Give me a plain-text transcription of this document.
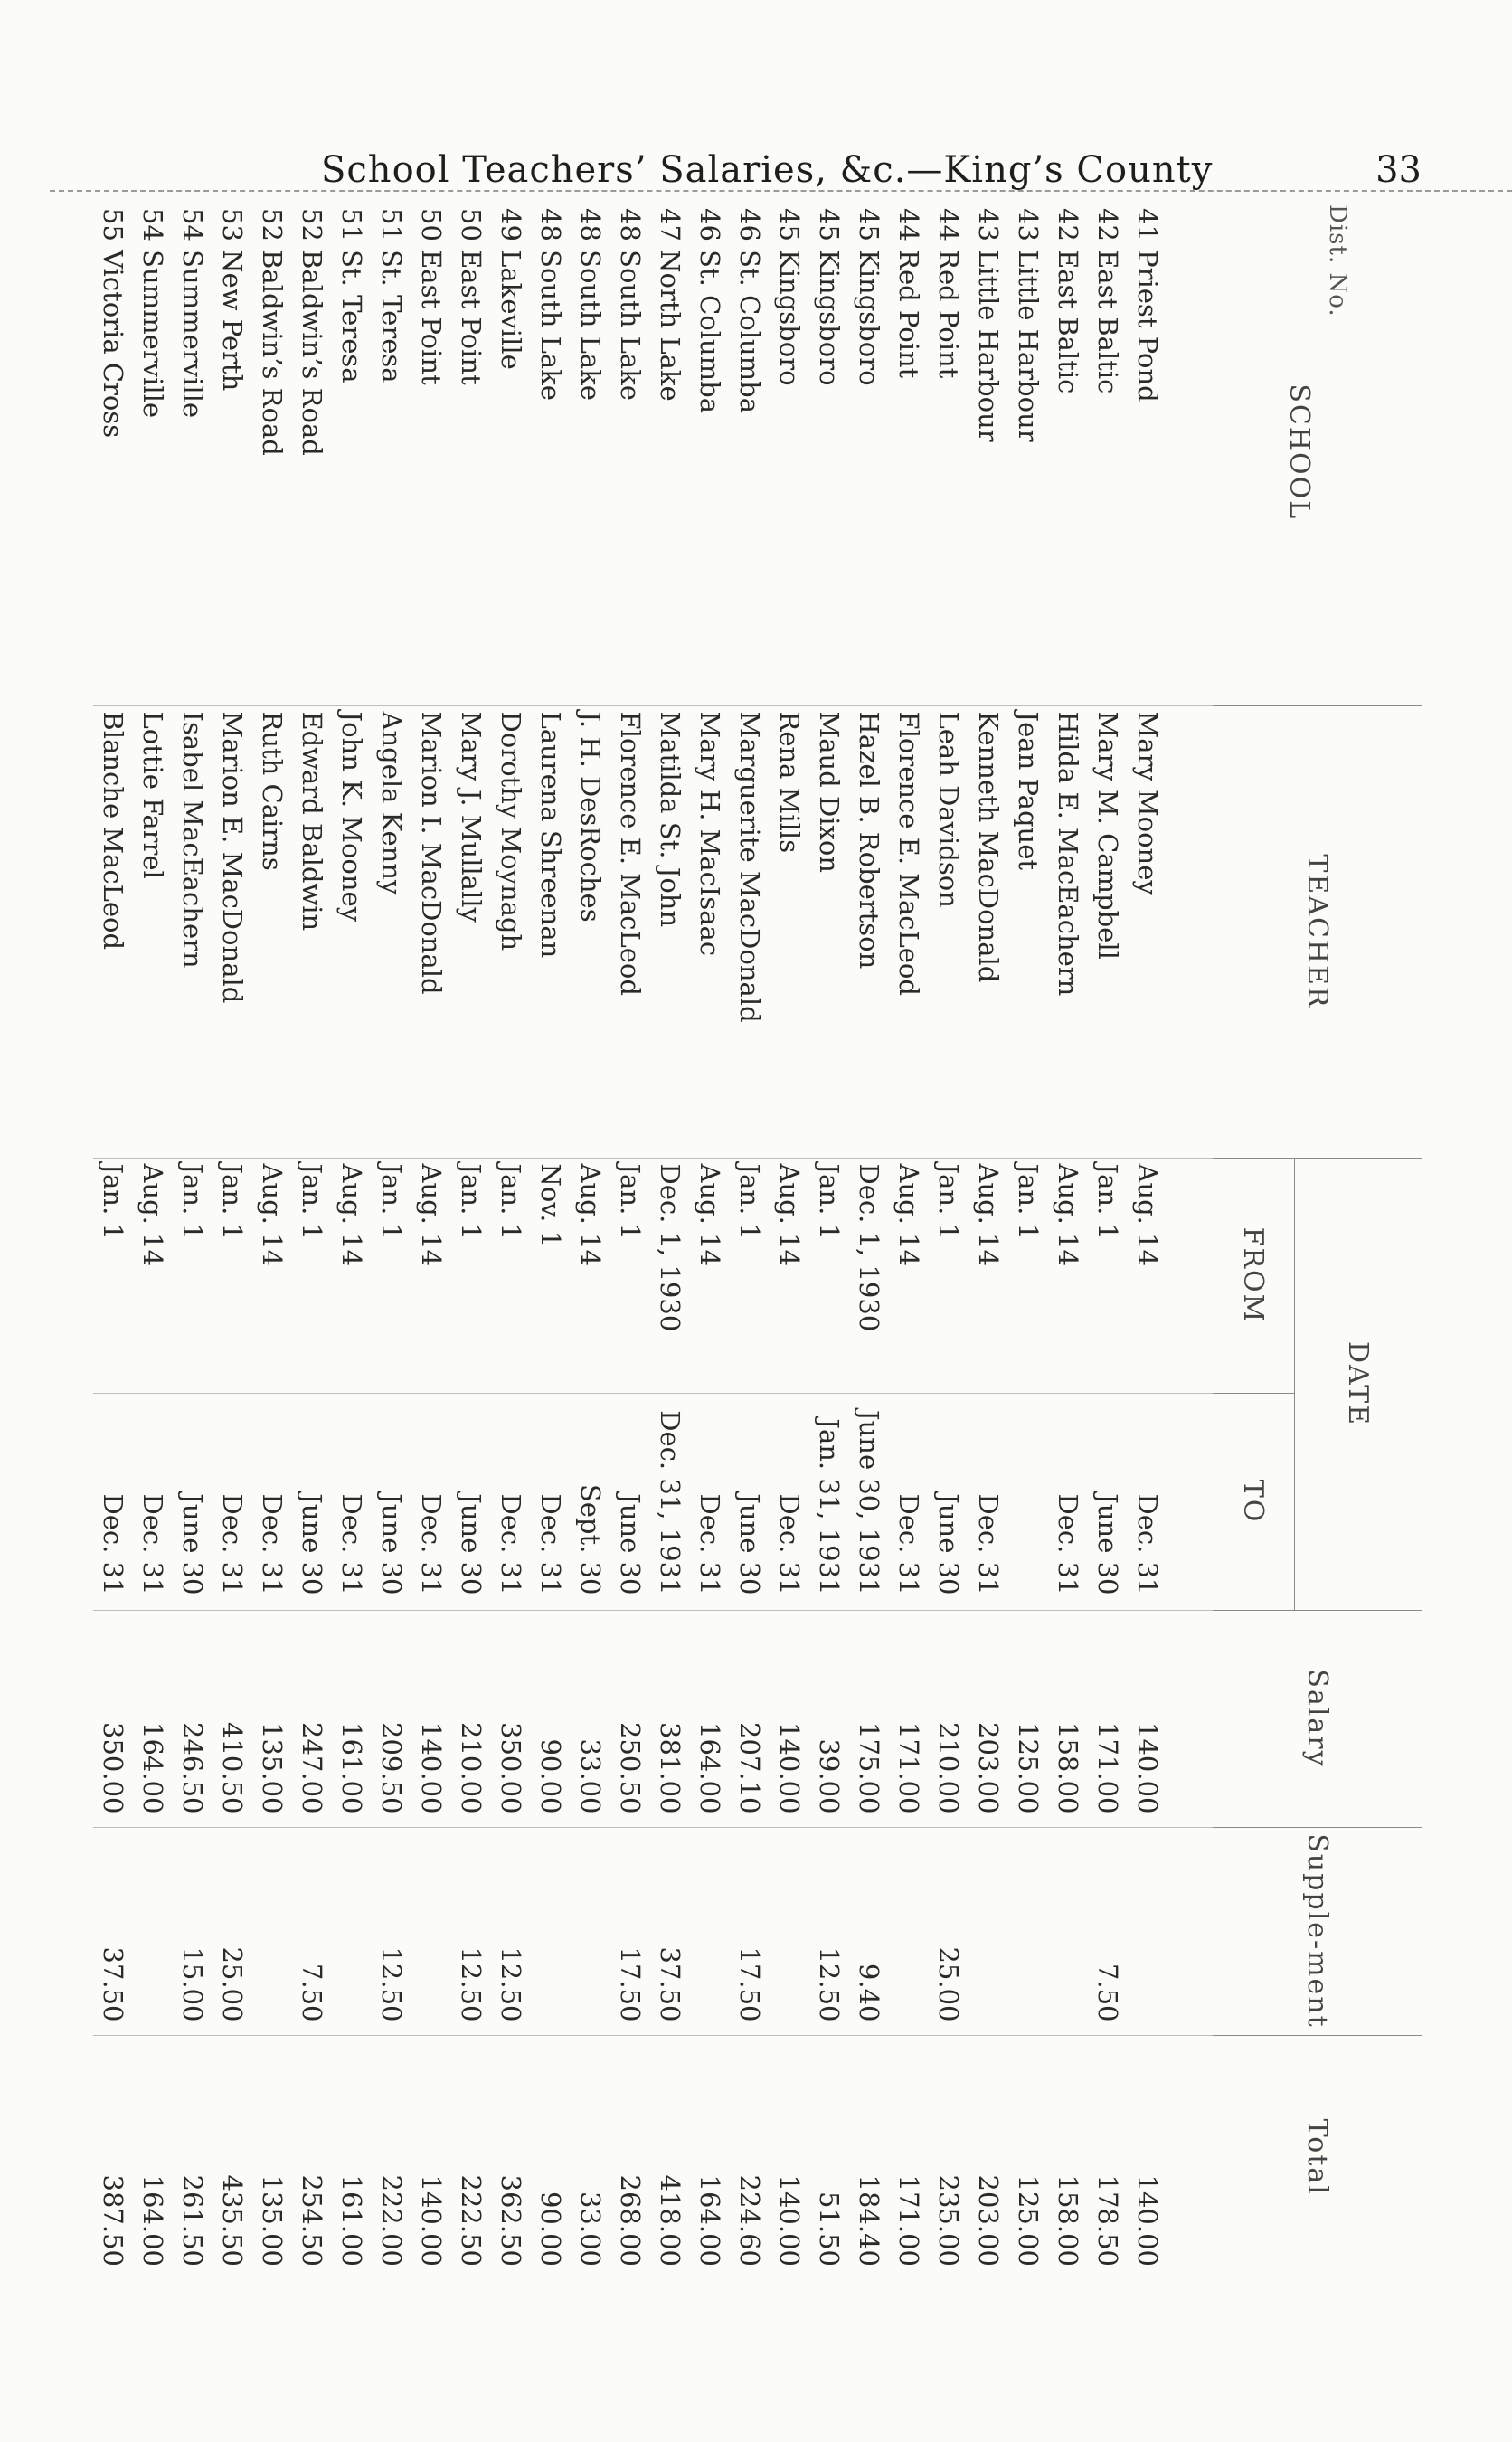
School Teachers’ Salaries, &c.—King’s County	33
Dist. No.
SCHOOL	TEACHER	DATE		Salary	Supple-ment	Total
		FROM	TO			
41 Priest Pond	Mary Mooney	Aug. 14	Dec. 31	140.00		140.00
42 East Baltic	Mary M. Campbell	Jan. 1	June 30	171.00	7.50	178.50
42 East Baltic	Hilda E. MacEachern	Aug. 14	Dec. 31	158.00		158.00
43 Little Harbour	Jean Paquet	Jan. 1		125.00		125.00
43 Little Harbour	Kenneth MacDonald	Aug. 14	Dec. 31	203.00		203.00
44 Red Point	Leah Davidson	Jan. 1	June 30	210.00	25.00	235.00
44 Red Point	Florence E. MacLeod	Aug. 14	Dec. 31	171.00		171.00
45 Kingsboro	Hazel B. Robertson	Dec. 1, 1930	June 30, 1931	175.00	9.40	184.40
45 Kingsboro	Maud Dixon	Jan. 1	Jan. 31, 1931	39.00	12.50	51.50
45 Kingsboro	Rena Mills	Aug. 14	Dec. 31	140.00		140.00
46 St. Columba	Marguerite MacDonald	Jan. 1	June 30	207.10	17.50	224.60
46 St. Columba	Mary H. MacIsaac	Aug. 14	Dec. 31	164.00		164.00
47 North Lake	Matilda St. John	Dec. 1, 1930	Dec. 31, 1931	381.00	37.50	418.00
48 South Lake	Florence E. MacLeod	Jan. 1	June 30	250.50	17.50	268.00
48 South Lake	J. H. DesRoches	Aug. 14	Sept. 30	33.00		33.00
48 South Lake	Laurena Shreenan	Nov. 1	Dec. 31	90.00		90.00
49 Lakeville	Dorothy Moynagh	Jan. 1	Dec. 31	350.00	12.50	362.50
50 East Point	Mary J. Mullally	Jan. 1	June 30	210.00	12.50	222.50
50 East Point	Marion I. MacDonald	Aug. 14	Dec. 31	140.00		140.00
51 St. Teresa	Angela Kenny	Jan. 1	June 30	209.50	12.50	222.00
51 St. Teresa	John K. Mooney	Aug. 14	Dec. 31	161.00		161.00
52 Baldwin’s Road	Edward Baldwin	Jan. 1	June 30	247.00	7.50	254.50
52 Baldwin’s Road	Ruth Cairns	Aug. 14	Dec. 31	135.00		135.00
53 New Perth	Marion E. MacDonald	Jan. 1	Dec. 31	410.50	25.00	435.50
54 Summerville	Isabel MacEachern	Jan. 1	June 30	246.50	15.00	261.50
54 Summerville	Lottie Farrel	Aug. 14	Dec. 31	164.00		164.00
55 Victoria Cross	Blanche MacLeod	Jan. 1	Dec. 31	350.00	37.50	387.50
